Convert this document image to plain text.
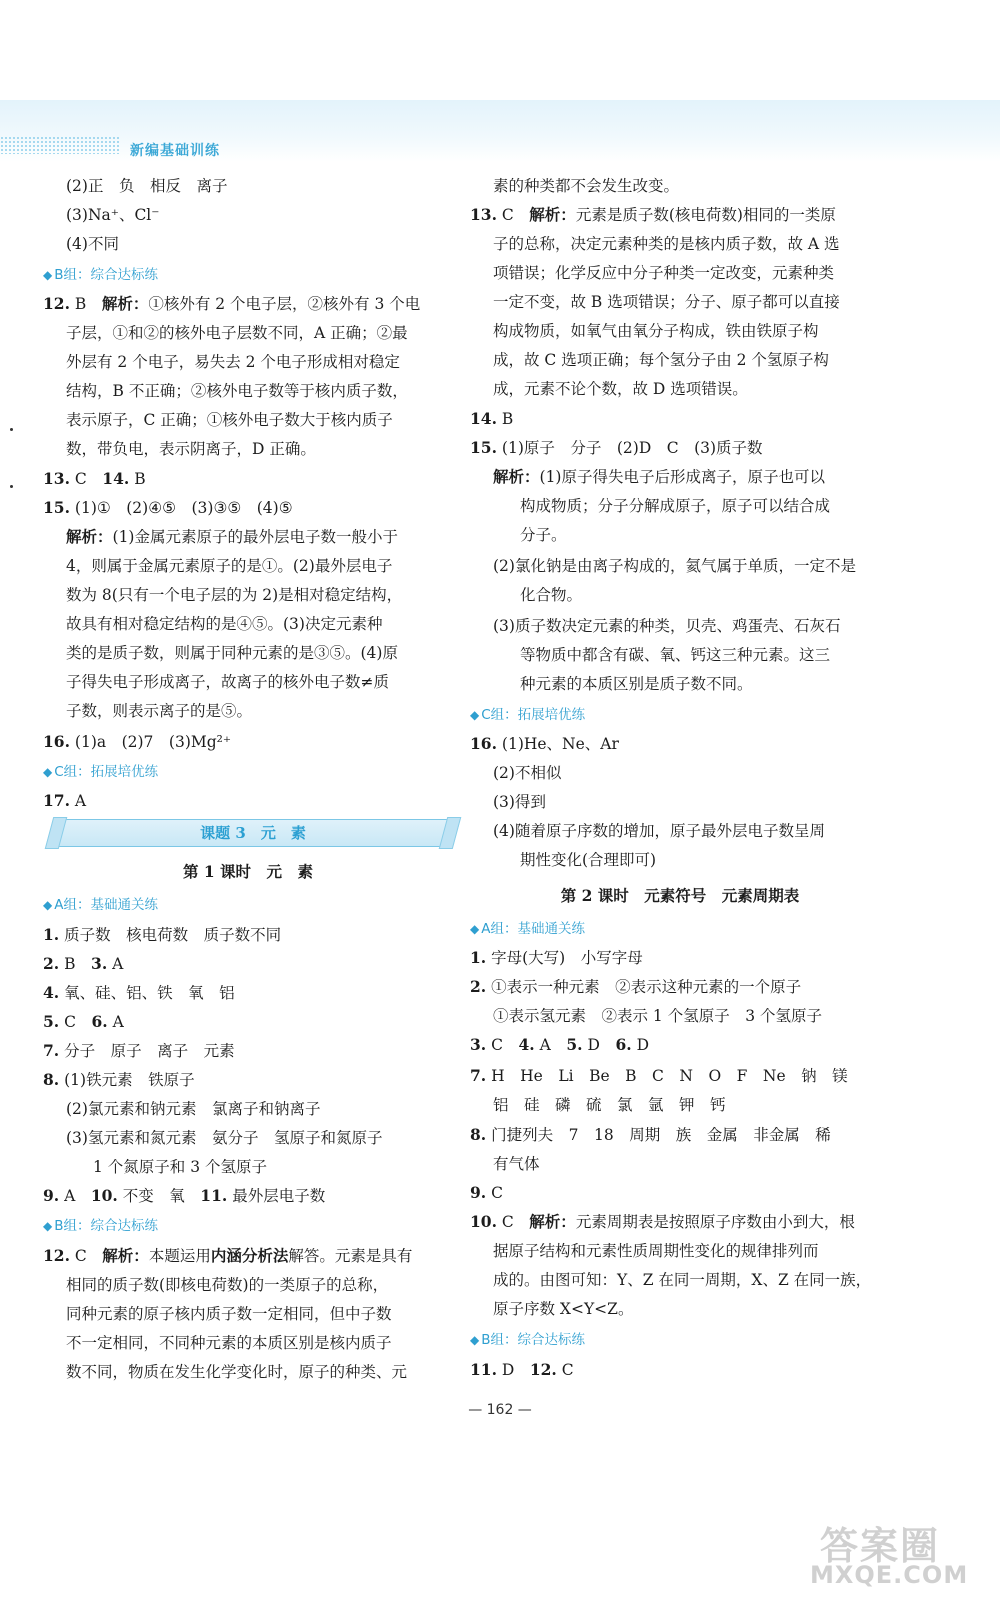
新编基础训练
(2)正　负　相反　离子
(3)Na⁺、Cl⁻
(4)不同
◆ B组：综合达标练
12. B　 解析：①核外有 2 个电子层，②核外有 3 个电
子层，①和②的核外电子层数不同，A 正确；②最
外层有 2 个电子，易失去 2 个电子形成相对稳定
结构，B 不正确；②核外电子数等于核内质子数，
表示原子，C 正确；①核外电子数大于核内质子
数，带负电，表示阴离子，D 正确。
13. C　 14. B
15. (1)①　(2)④⑤　(3)③⑤　(4)⑤
解析：(1)金属元素原子的最外层电子数一般小于
4，则属于金属元素原子的是①。(2)最外层电子
数为 8(只有一个电子层的为 2)是相对稳定结构，
故具有相对稳定结构的是④⑤。(3)决定元素种
类的是质子数，则属于同种元素的是③⑤。(4)原
子得失电子形成离子，故离子的核外电子数≠质
子数，则表示离子的是⑤。
16. (1)a　(2)7　(3)Mg²⁺
◆ C组：拓展培优练
17. A
课题 3　元　素
第 1 课时　元　素
◆ A组：基础通关练
1. 质子数　核电荷数　质子数不同
2. B　 3. A
4. 氧、硅、铝、铁　氧　铝
5. C　 6. A
7. 分子　原子　离子　元素
8. (1)铁元素　铁原子
(2)氯元素和钠元素　氯离子和钠离子
(3)氢元素和氮元素　氨分子　氢原子和氮原子
1 个氮原子和 3 个氢原子
9. A　 10. 不变　氧　 11. 最外层电子数
◆ B组：综合达标练
12. C　 解析：本题运用内涵分析法解答。元素是具有
相同的质子数(即核电荷数)的一类原子的总称，
同种元素的原子核内质子数一定相同，但中子数
不一定相同，不同种元素的本质区别是核内质子
数不同，物质在发生化学变化时，原子的种类、元
素的种类都不会发生改变。
13. C　 解析：元素是质子数(核电荷数)相同的一类原
子的总称，决定元素种类的是核内质子数，故 A 选
项错误；化学反应中分子种类一定改变，元素种类
一定不变，故 B 选项错误；分子、原子都可以直接
构成物质，如氧气由氧分子构成，铁由铁原子构
成，故 C 选项正确；每个氢分子由 2 个氢原子构
成，元素不论个数，故 D 选项错误。
14. B
15. (1)原子　分子　(2)D　C　(3)质子数
解析：(1)原子得失电子后形成离子，原子也可以
构成物质；分子分解成原子，原子可以结合成
分子。
(2)氯化钠是由离子构成的，氦气属于单质，一定不是
化合物。
(3)质子数决定元素的种类，贝壳、鸡蛋壳、石灰石
等物质中都含有碳、氧、钙这三种元素。这三
种元素的本质区别是质子数不同。
◆ C组：拓展培优练
16. (1)He、Ne、Ar
(2)不相似
(3)得到
(4)随着原子序数的增加，原子最外层电子数呈周
期性变化(合理即可)
第 2 课时　元素符号　元素周期表
◆ A组：基础通关练
1. 字母(大写)　小写字母
2. ①表示一种元素　②表示这种元素的一个原子
①表示氢元素　②表示 1 个氢原子　3 个氢原子
3. C　 4. A　 5. D　 6. D
7. H　He　Li　Be　B　C　N　O　F　Ne　钠　镁
铝　硅　磷　硫　氯　氩　钾　钙
8. 门捷列夫　7　18　周期　族　金属　非金属　稀
有气体
9. C
10. C　 解析：元素周期表是按照原子序数由小到大，根
据原子结构和元素性质周期性变化的规律排列而
成的。由图可知：Y、Z 在同一周期，X、Z 在同一族，
原子序数 X<Y<Z。
◆ B组：综合达标练
11. D　 12. C
— 162 —
答案圈
MXQE.COM
